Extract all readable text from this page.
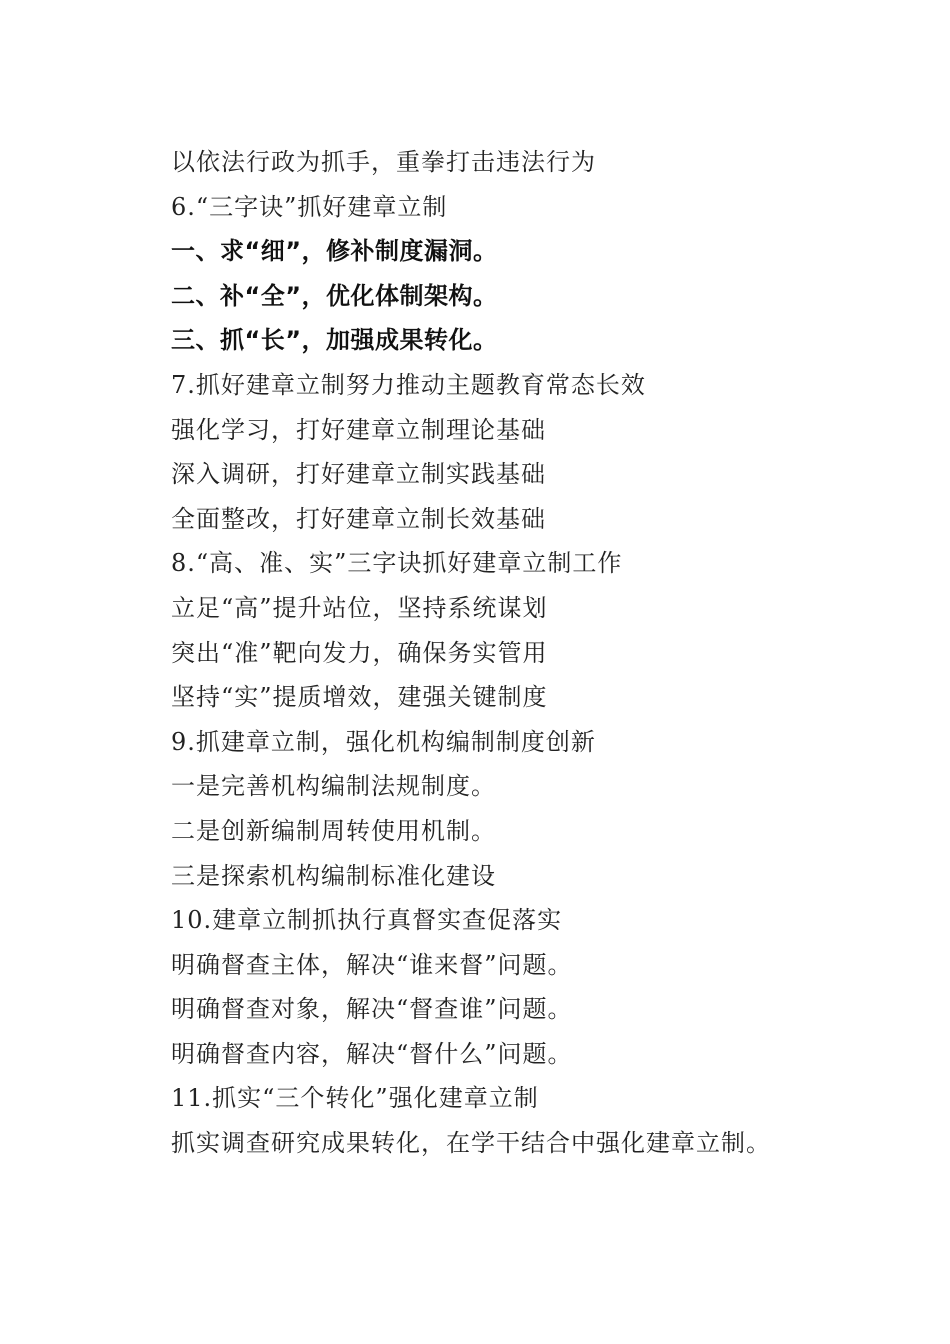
以依法行政为抓手，重拳打击违法行为
6.“三字诀”抓好建章立制
一、求“细”，修补制度漏洞。
二、补“全”，优化体制架构。
三、抓“长”，加强成果转化。
7.抓好建章立制努力推动主题教育常态长效
强化学习，打好建章立制理论基础
深入调研，打好建章立制实践基础
全面整改，打好建章立制长效基础
8.“高、准、实”三字诀抓好建章立制工作
立足“高”提升站位，坚持系统谋划
突出“准”靶向发力，确保务实管用
坚持“实”提质增效，建强关键制度
9.抓建章立制，强化机构编制制度创新
一是完善机构编制法规制度。
二是创新编制周转使用机制。
三是探索机构编制标准化建设
10.建章立制抓执行真督实查促落实
明确督查主体，解决“谁来督”问题。
明确督查对象，解决“督查谁”问题。
明确督查内容，解决“督什么”问题。
11.抓实“三个转化”强化建章立制
抓实调查研究成果转化，在学干结合中强化建章立制。
